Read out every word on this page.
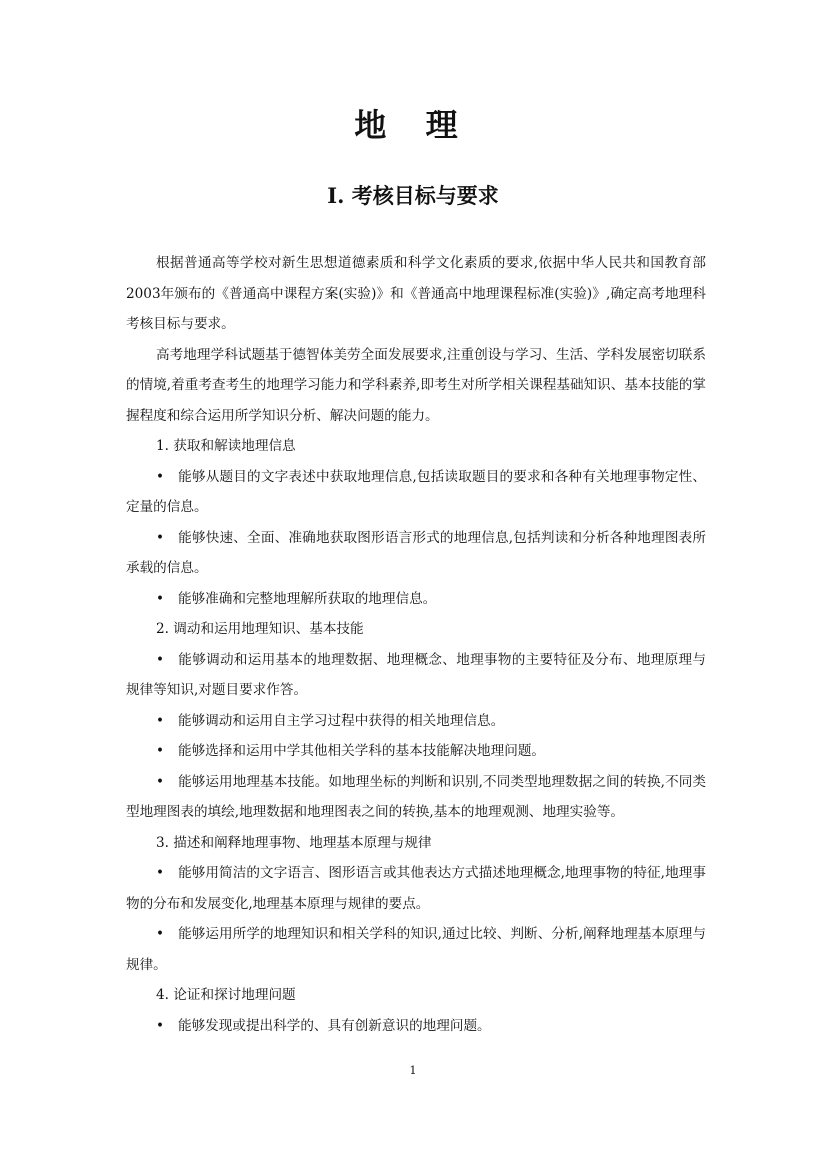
地 理
Ⅰ. 考核目标与要求

根据普通高等学校对新生思想道德素质和科学文化素质的要求,依据中华人民共和国教育部2003年颁布的《普通高中课程方案(实验)》和《普通高中地理课程标准(实验)》,确定高考地理科考核目标与要求。

高考地理学科试题基于德智体美劳全面发展要求,注重创设与学习、生活、学科发展密切联系的情境,着重考查考生的地理学习能力和学科素养,即考生对所学相关课程基础知识、基本技能的掌握程度和综合运用所学知识分析、解决问题的能力。

1. 获取和解读地理信息

• 能够从题目的文字表述中获取地理信息,包括读取题目的要求和各种有关地理事物定性、定量的信息。

• 能够快速、全面、准确地获取图形语言形式的地理信息,包括判读和分析各种地理图表所承载的信息。

• 能够准确和完整地理解所获取的地理信息。

2. 调动和运用地理知识、基本技能

• 能够调动和运用基本的地理数据、地理概念、地理事物的主要特征及分布、地理原理与规律等知识,对题目要求作答。

• 能够调动和运用自主学习过程中获得的相关地理信息。

• 能够选择和运用中学其他相关学科的基本技能解决地理问题。

• 能够运用地理基本技能。如地理坐标的判断和识别,不同类型地理数据之间的转换,不同类型地理图表的填绘,地理数据和地理图表之间的转换,基本的地理观测、地理实验等。

3. 描述和阐释地理事物、地理基本原理与规律

• 能够用简洁的文字语言、图形语言或其他表达方式描述地理概念,地理事物的特征,地理事物的分布和发展变化,地理基本原理与规律的要点。

• 能够运用所学的地理知识和相关学科的知识,通过比较、判断、分析,阐释地理基本原理与规律。

4. 论证和探讨地理问题

• 能够发现或提出科学的、具有创新意识的地理问题。

1
